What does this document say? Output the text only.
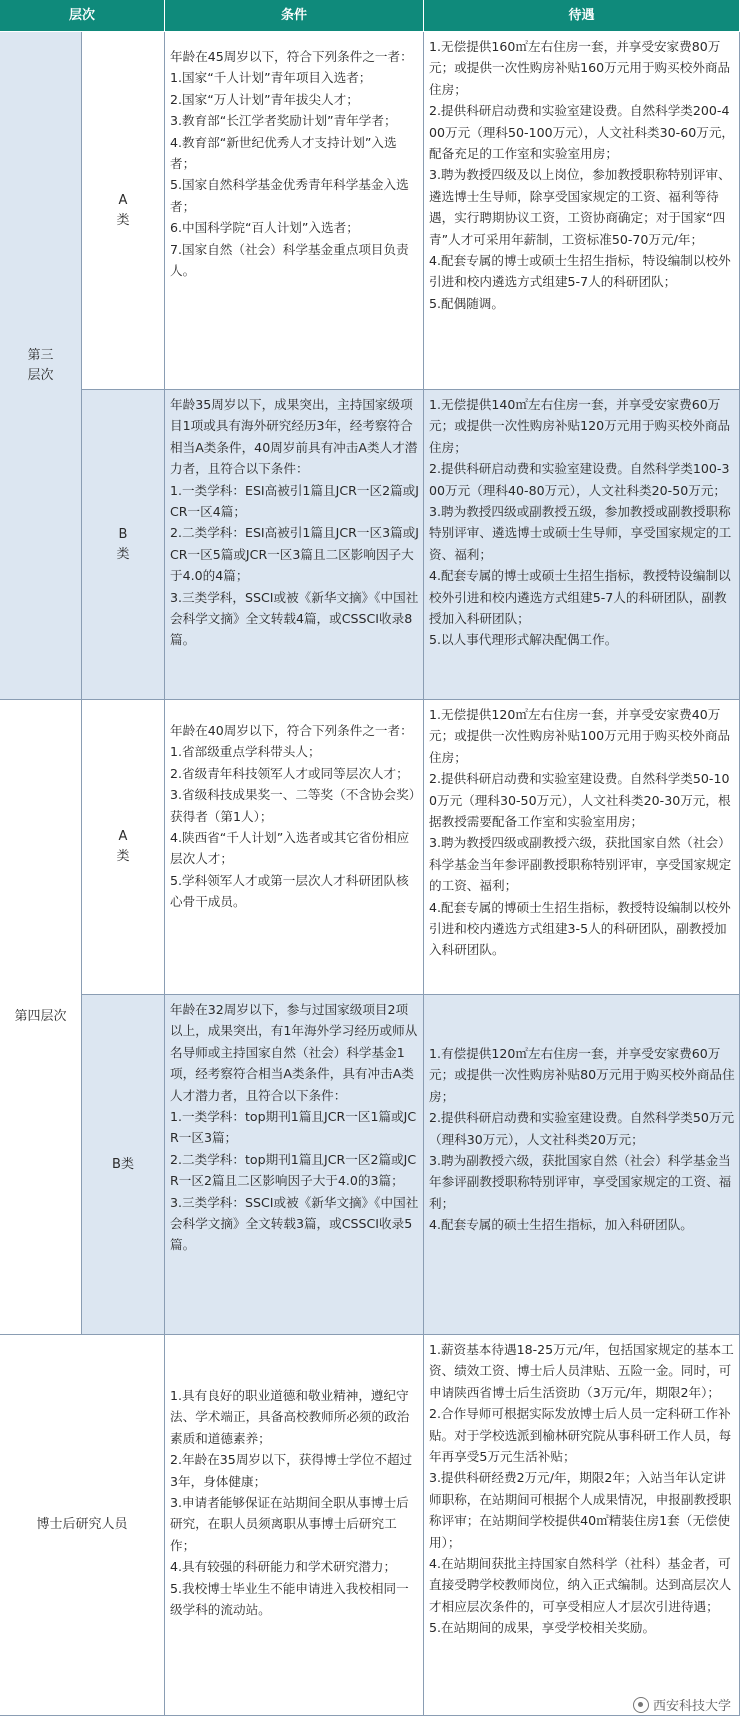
层次	条件	待遇
第三
层次
第四层次
博士后研究人员
A
类
B
类
A
类
B类
年龄在45周岁以下，符合下列条件之一者：
1.国家“千人计划”青年项目入选者；
2.国家“万人计划”青年拔尖人才；
3.教育部“长江学者奖励计划”青年学者；
4.教育部“新世纪优秀人才支持计划”入选者；
5.国家自然科学基金优秀青年科学基金入选者；
6.中国科学院“百人计划”入选者；
7.国家自然（社会）科学基金重点项目负责人。
年龄35周岁以下，成果突出，主持国家级项目1项或具有海外研究经历3年，经考察符合相当A类条件，40周岁前具有冲击A类人才潜力者，且符合以下条件：
1.一类学科：ESI高被引1篇且JCR一区2篇或JCR一区4篇；
2.二类学科：ESI高被引1篇且JCR一区3篇或JCR一区5篇或JCR一区3篇且二区影响因子大于4.0的4篇；
3.三类学科，SSCI或被《新华文摘》《中国社会科学文摘》全文转载4篇，或CSSCI收录8篇。
年龄在40周岁以下，符合下列条件之一者：
1.省部级重点学科带头人；
2.省级青年科技领军人才或同等层次人才；
3.省级科技成果奖一、二等奖（不含协会奖）获得者（第1人）；
4.陕西省“千人计划”入选者或其它省份相应层次人才；
5.学科领军人才或第一层次人才科研团队核心骨干成员。
年龄在32周岁以下，参与过国家级项目2项以上，成果突出，有1年海外学习经历或师从名导师或主持国家自然（社会）科学基金1项，经考察符合相当A类条件，具有冲击A类人才潜力者，且符合以下条件：
1.一类学科：top期刊1篇且JCR一区1篇或JCR一区3篇；
2.二类学科：top期刊1篇且JCR一区2篇或JCR一区2篇且二区影响因子大于4.0的3篇；
3.三类学科：SSCI或被《新华文摘》《中国社会科学文摘》全文转载3篇，或CSSCI收录5篇。
1.具有良好的职业道德和敬业精神，遵纪守法、学术端正，具备高校教师所必须的政治素质和道德素养；
2.年龄在35周岁以下，获得博士学位不超过3年，身体健康；
3.申请者能够保证在站期间全职从事博士后研究，在职人员须离职从事博士后研究工作；
4.具有较强的科研能力和学术研究潜力；
5.我校博士毕业生不能申请进入我校相同一级学科的流动站。
1.无偿提供160㎡左右住房一套，并享受安家费80万元；或提供一次性购房补贴160万元用于购买校外商品住房；
2.提供科研启动费和实验室建设费。自然科学类200-400万元（理科50-100万元），人文社科类30-60万元，配备充足的工作室和实验室用房；
3.聘为教授四级及以上岗位，参加教授职称特别评审、遴选博士生导师，除享受国家规定的工资、福利等待遇，实行聘期协议工资，工资协商确定；对于国家“四青”人才可采用年薪制，工资标准50-70万元/年；
4.配套专属的博士或硕士生招生指标，特设编制以校外引进和校内遴选方式组建5-7人的科研团队；
5.配偶随调。
1.无偿提供140㎡左右住房一套，并享受安家费60万元；或提供一次性购房补贴120万元用于购买校外商品住房；
2.提供科研启动费和实验室建设费。自然科学类100-300万元（理科40-80万元），人文社科类20-50万元；
3.聘为教授四级或副教授五级，参加教授或副教授职称特别评审、遴选博士或硕士生导师，享受国家规定的工资、福利；
4.配套专属的博士或硕士生招生指标，教授特设编制以校外引进和校内遴选方式组建5-7人的科研团队，副教授加入科研团队；
5.以人事代理形式解决配偶工作。
1.无偿提供120㎡左右住房一套，并享受安家费40万元；或提供一次性购房补贴100万元用于购买校外商品住房；
2.提供科研启动费和实验室建设费。自然科学类50-100万元（理科30-50万元），人文社科类20-30万元，根据教授需要配备工作室和实验室用房；
3.聘为教授四级或副教授六级，获批国家自然（社会）科学基金当年参评副教授职称特别评审，享受国家规定的工资、福利；
4.配套专属的博硕士生招生指标，教授特设编制以校外引进和校内遴选方式组建3-5人的科研团队，副教授加入科研团队。
1.有偿提供120㎡左右住房一套，并享受安家费60万元；或提供一次性购房补贴80万元用于购买校外商品住房；
2.提供科研启动费和实验室建设费。自然科学类50万元（理科30万元），人文社科类20万元；
3.聘为副教授六级，获批国家自然（社会）科学基金当年参评副教授职称特别评审，享受国家规定的工资、福利；
4.配套专属的硕士生招生指标，加入科研团队。
1.薪资基本待遇18-25万元/年，包括国家规定的基本工资、绩效工资、博士后人员津贴、五险一金。同时，可申请陕西省博士后生活资助（3万元/年，期限2年）；
2.合作导师可根据实际发放博士后人员一定科研工作补贴。对于学校选派到榆林研究院从事科研工作人员，每年再享受5万元生活补贴；
3.提供科研经费2万元/年，期限2年；入站当年认定讲师职称，在站期间可根据个人成果情况，申报副教授职称评审；在站期间学校提供40㎡精装住房1套（无偿使用）；
4.在站期间获批主持国家自然科学（社科）基金者，可直接受聘学校教师岗位，纳入正式编制。达到高层次人才相应层次条件的，可享受相应人才层次引进待遇；
5.在站期间的成果，享受学校相关奖励。
西安科技大学
